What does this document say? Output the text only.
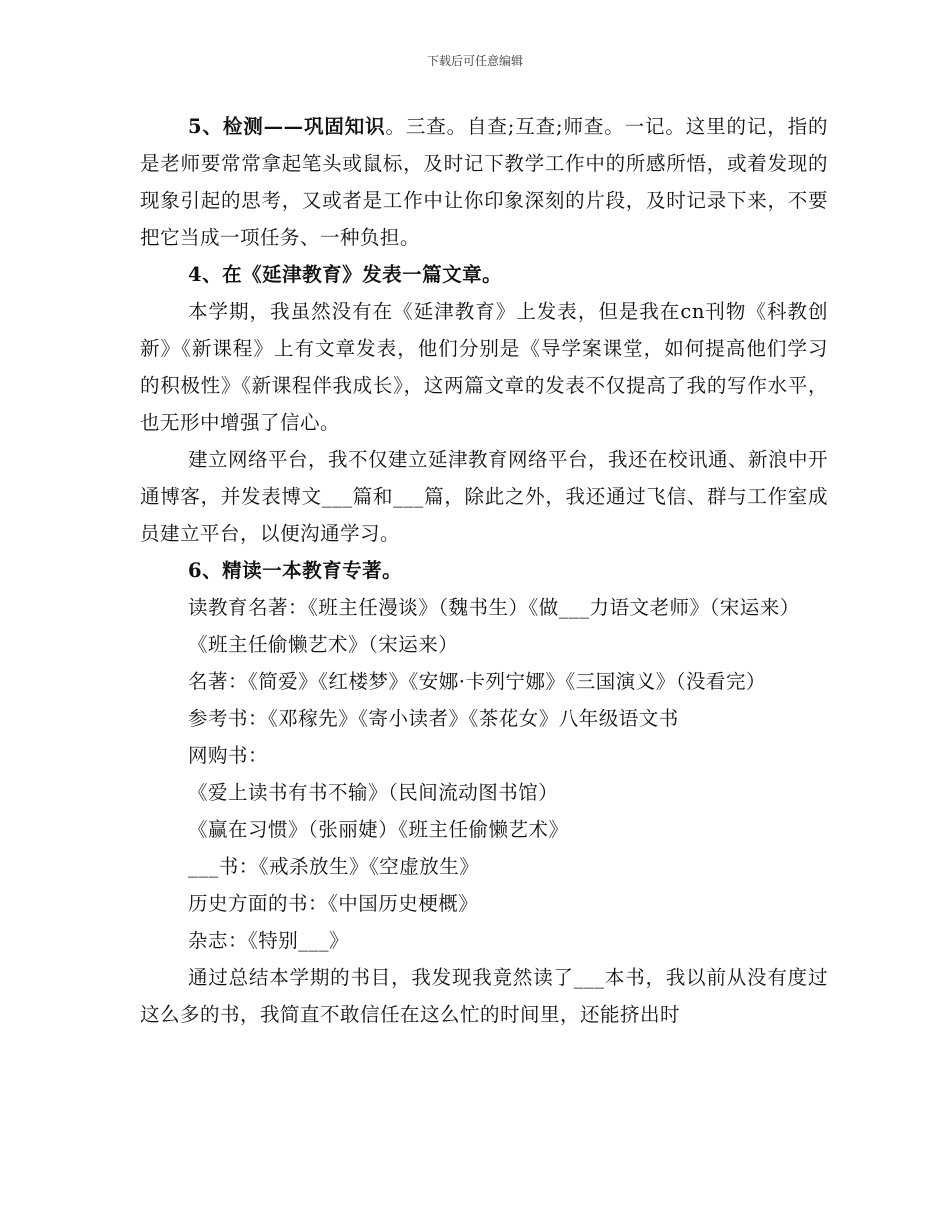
下载后可任意编辑

5、检测——巩固知识。三查。自查;互查;师查。一记。这里的记，指的是老师要常常拿起笔头或鼠标，及时记下教学工作中的所感所悟，或着发现的现象引起的思考，又或者是工作中让你印象深刻的片段，及时记录下来，不要把它当成一项任务、一种负担。

4、在《延津教育》发表一篇文章。

本学期，我虽然没有在《延津教育》上发表，但是我在cn刊物《科教创新》《新课程》上有文章发表，他们分别是《导学案课堂，如何提高他们学习的积极性》《新课程伴我成长》，这两篇文章的发表不仅提高了我的写作水平，也无形中增强了信心。

建立网络平台，我不仅建立延津教育网络平台，我还在校讯通、新浪中开通博客，并发表博文___篇和___篇，除此之外，我还通过飞信、群与工作室成员建立平台，以便沟通学习。

6、精读一本教育专著。

读教育名著：《班主任漫谈》（魏书生）《做___力语文老师》（宋运来）

《班主任偷懒艺术》（宋运来）

名著：《简爱》《红楼梦》《安娜·卡列宁娜》《三国演义》（没看完）

参考书：《邓稼先》《寄小读者》《茶花女》八年级语文书

网购书：

《爱上读书有书不输》（民间流动图书馆）

《赢在习惯》（张丽婕）《班主任偷懒艺术》

___书：《戒杀放生》《空虚放生》

历史方面的书：《中国历史梗概》

杂志：《特别___》

通过总结本学期的书目，我发现我竟然读了___本书，我以前从没有度过这么多的书，我简直不敢信任在这么忙的时间里，还能挤出时
